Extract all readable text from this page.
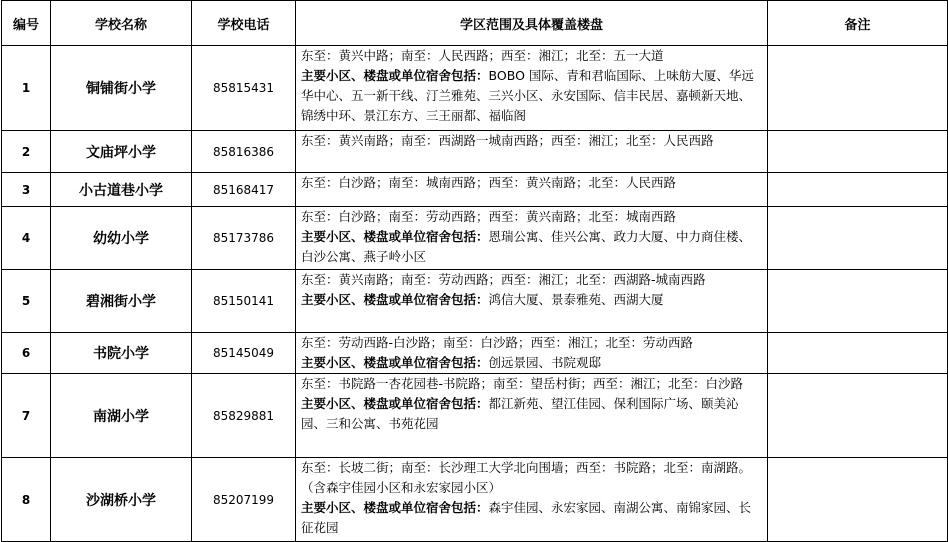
编号	学校名称	学校电话	学区范围及具体覆盖楼盘	备注
1	铜铺街小学	85815431	东至：黄兴中路；南至：人民西路；西至：湘江；北至：五一大道
主要小区、楼盘或单位宿舍包括：BOBO 国际、青和君临国际、上味舫大厦、华远华中心、五一新干线、汀兰雅苑、三兴小区、永安国际、信丰民居、嘉顿新天地、锦绣中环、景江东方、三王丽都、福临阁	

2	文庙坪小学	85816386	东至：黄兴南路；南至：西湖路一城南西路；西至：湘江；北至：人民西路	

3	小古道巷小学	85168417	东至：白沙路；南至：城南西路；西至：黄兴南路；北至：人民西路	

4	幼幼小学	85173786	东至：白沙路；南至：劳动西路；西至：黄兴南路；北至：城南西路
主要小区、楼盘或单位宿舍包括：恩瑞公寓、佳兴公寓、政力大厦、中力商住楼、白沙公寓、燕子岭小区	

5	碧湘街小学	85150141	东至：黄兴南路；南至：劳动西路；西至：湘江；北至：西湖路-城南西路
主要小区、楼盘或单位宿舍包括：鸿信大厦、景泰雅苑、西湖大厦	

6	书院小学	85145049	东至：劳动西路-白沙路；南至：白沙路；西至：湘江；北至：劳动西路
主要小区、楼盘或单位宿舍包括：创远景园、书院观邸	

7	南湖小学	85829881	东至：书院路一杏花园巷-书院路；南至：望岳村街；西至：湘江；北至：白沙路
主要小区、楼盘或单位宿舍包括：都江新苑、望江佳园、保利国际广场、颐美沁园、三和公寓、书苑花园	

8	沙湖桥小学	85207199	东至：长坡二街；南至：长沙理工大学北向围墙；西至：书院路；北至：南湖路。（含森宇佳园小区和永宏家园小区）
主要小区、楼盘或单位宿舍包括：森宇佳园、永宏家园、南湖公寓、南锦家园、长征花园	
